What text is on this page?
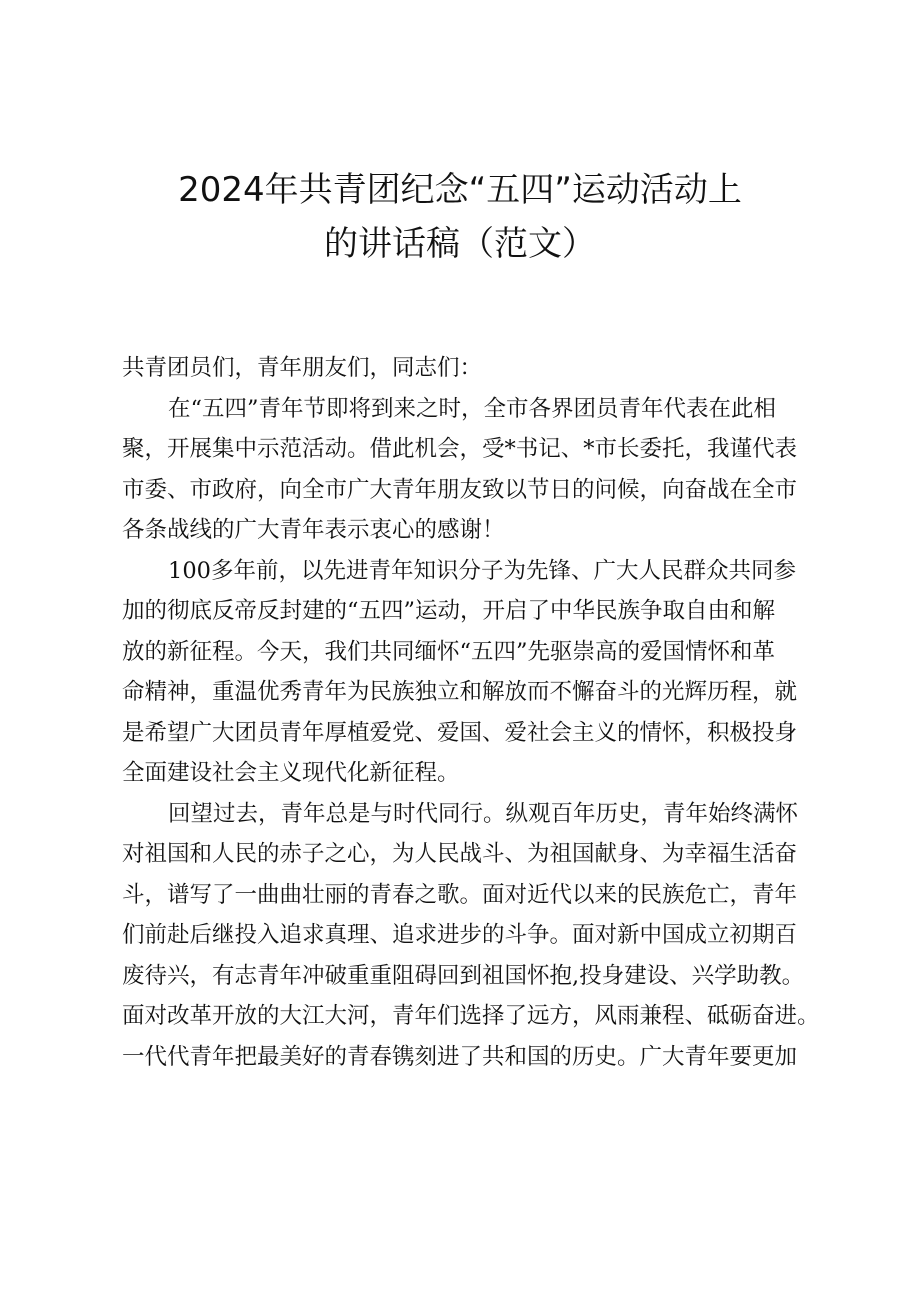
2024年共青团纪念“五四”运动活动上
的讲话稿（范文）
共青团员们，青年朋友们，同志们：
在“五四”青年节即将到来之时，全市各界团员青年代表在此相
聚，开展集中示范活动。借此机会，受*书记、*市长委托，我谨代表
市委、市政府，向全市广大青年朋友致以节日的问候，向奋战在全市
各条战线的广大青年表示衷心的感谢！
100多年前，以先进青年知识分子为先锋、广大人民群众共同参
加的彻底反帝反封建的“五四”运动，开启了中华民族争取自由和解
放的新征程。今天，我们共同缅怀“五四”先驱崇高的爱国情怀和革
命精神，重温优秀青年为民族独立和解放而不懈奋斗的光辉历程，就
是希望广大团员青年厚植爱党、爱国、爱社会主义的情怀，积极投身
全面建设社会主义现代化新征程。
回望过去，青年总是与时代同行。纵观百年历史，青年始终满怀
对祖国和人民的赤子之心，为人民战斗、为祖国献身、为幸福生活奋
斗，谱写了一曲曲壮丽的青春之歌。面对近代以来的民族危亡，青年
们前赴后继投入追求真理、追求进步的斗争。面对新中国成立初期百
废待兴，有志青年冲破重重阻碍回到祖国怀抱,投身建设、兴学助教。
面对改革开放的大江大河，青年们选择了远方，风雨兼程、砥砺奋进。
一代代青年把最美好的青春镌刻进了共和国的历史。广大青年要更加
